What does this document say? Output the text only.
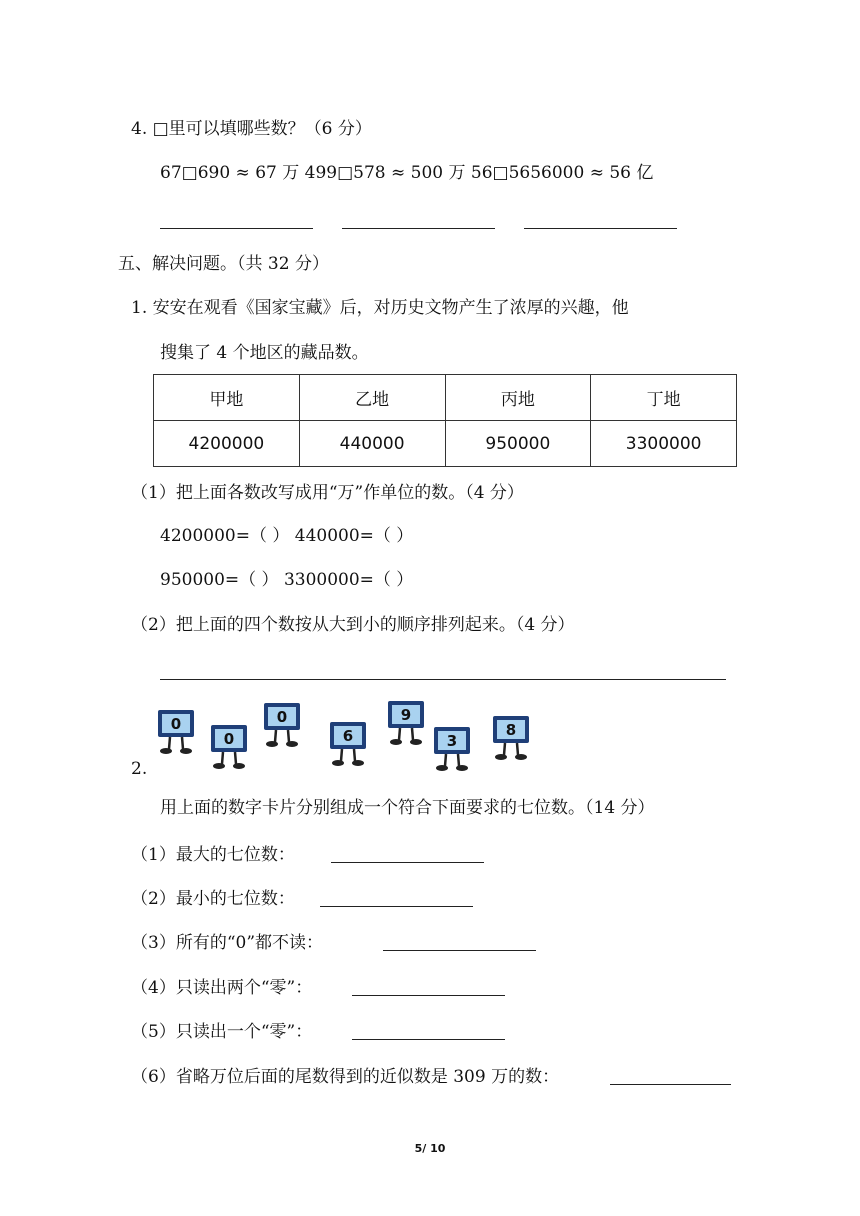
4. □里可以填哪些数？（6 分）
67□690 ≈ 67 万 499□578 ≈ 500 万 56□5656000 ≈ 56 亿
五、解决问题。（共 32 分）
1. 安安在观看《国家宝藏》后，对历史文物产生了浓厚的兴趣，他
搜集了 4 个地区的藏品数。
甲地	乙地	丙地	丁地
4200000	440000	950000	3300000
（1）把上面各数改写成用“万”作单位的数。（4 分）
4200000=（ ） 440000=（ ）
950000=（ ） 3300000=（ ）
（2）把上面的四个数按从大到小的顺序排列起来。（4 分）
2.
0
0
0
6
9
3
8
用上面的数字卡片分别组成一个符合下面要求的七位数。（14 分）
（1）最大的七位数：
（2）最小的七位数：
（3）所有的“0”都不读：
（4）只读出两个“零”：
（5）只读出一个“零”：
（6）省略万位后面的尾数得到的近似数是 309 万的数：
5/ 10
